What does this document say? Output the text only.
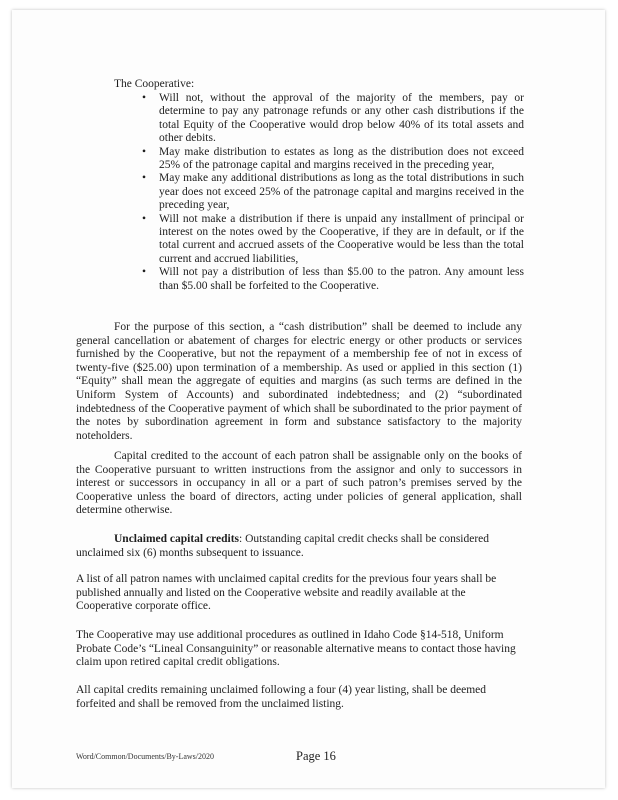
The Cooperative:
• Will not, without the approval of the majority of the members, pay or determine to pay any patronage refunds or any other cash distributions if the total Equity of the Cooperative would drop below 40% of its total assets and other debits.
• May make distribution to estates as long as the distribution does not exceed 25% of the patronage capital and margins received in the preceding year,
• May make any additional distributions as long as the total distributions in such year does not exceed 25% of the patronage capital and margins received in the preceding year,
• Will not make a distribution if there is unpaid any installment of principal or interest on the notes owed by the Cooperative, if they are in default, or if the total current and accrued assets of the Cooperative would be less than the total current and accrued liabilities,
• Will not pay a distribution of less than $5.00 to the patron. Any amount less than $5.00 shall be forfeited to the Cooperative.
For the purpose of this section, a “cash distribution” shall be deemed to include any general cancellation or abatement of charges for electric energy or other products or services furnished by the Cooperative, but not the repayment of a membership fee of not in excess of twenty-five ($25.00) upon termination of a membership. As used or applied in this section (1) “Equity” shall mean the aggregate of equities and margins (as such terms are defined in the Uniform System of Accounts) and subordinated indebtedness; and (2) “subordinated indebtedness of the Cooperative payment of which shall be subordinated to the prior payment of the notes by subordination agreement in form and substance satisfactory to the majority noteholders.
Capital credited to the account of each patron shall be assignable only on the books of the Cooperative pursuant to written instructions from the assignor and only to successors in interest or successors in occupancy in all or a part of such patron’s premises served by the Cooperative unless the board of directors, acting under policies of general application, shall determine otherwise.
Unclaimed capital credits: Outstanding capital credit checks shall be considered unclaimed six (6) months subsequent to issuance.
A list of all patron names with unclaimed capital credits for the previous four years shall be published annually and listed on the Cooperative website and readily available at the Cooperative corporate office.
The Cooperative may use additional procedures as outlined in Idaho Code §14-518, Uniform Probate Code’s “Lineal Consanguinity” or reasonable alternative means to contact those having claim upon retired capital credit obligations.
All capital credits remaining unclaimed following a four (4) year listing, shall be deemed forfeited and shall be removed from the unclaimed listing.
Word/Common/Documents/By-Laws/2020	Page 16
